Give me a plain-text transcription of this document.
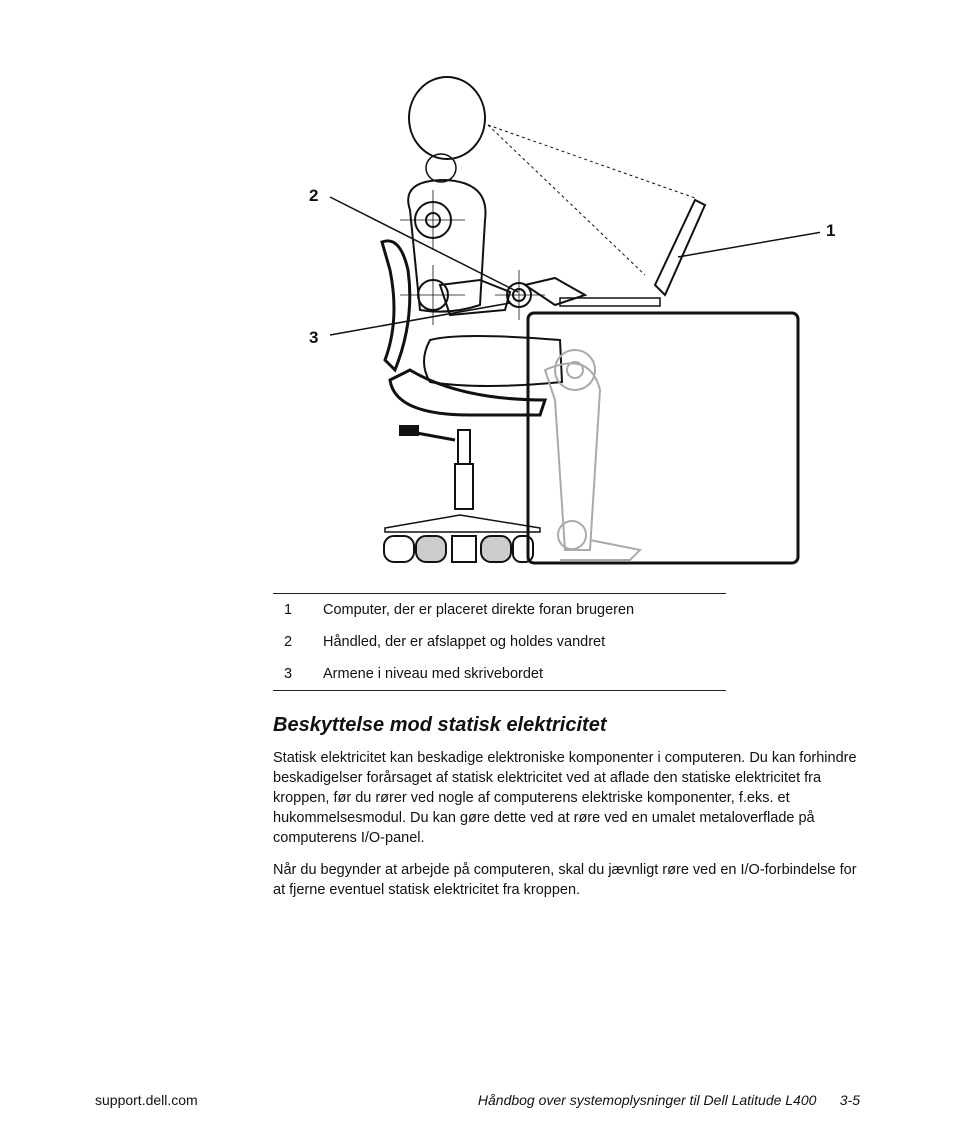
2
3
1
1	Computer, der er placeret direkte foran brugeren
2	Håndled, der er afslappet og holdes vandret
3	Armene i niveau med skrivebordet
Beskyttelse mod statisk elektricitet

Statisk elektricitet kan beskadige elektroniske komponenter i computeren. Du kan forhindre beskadigelser forårsaget af statisk elektricitet ved at aflade den statiske elektricitet fra kroppen, før du rører ved nogle af computerens elektriske komponenter, f.eks. et hukommelsesmodul. Du kan gøre dette ved at røre ved en umalet metaloverflade på computerens I/O-panel.

Når du begynder at arbejde på computeren, skal du jævnligt røre ved en I/O-forbindelse for at fjerne eventuel statisk elektricitet fra kroppen.

support.dell.com	Håndbog over systemoplysninger til Dell Latitude L400      3-5
